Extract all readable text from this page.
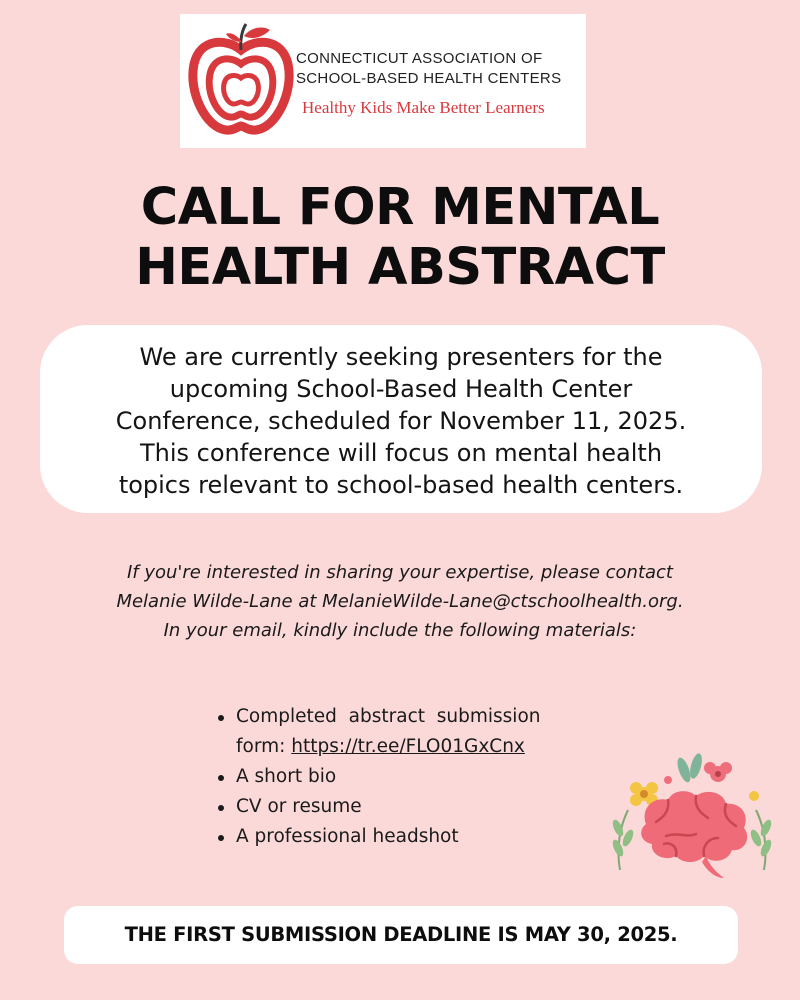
CONNECTICUT ASSOCIATION OF
SCHOOL-BASED HEALTH CENTERS
Healthy Kids Make Better Learners
CALL FOR MENTAL
HEALTH ABSTRACT
We are currently seeking presenters for the
upcoming School-Based Health Center
Conference, scheduled for November 11, 2025.
This conference will focus on mental health
topics relevant to school-based health centers.
If you're interested in sharing your expertise, please contact
Melanie Wilde-Lane at MelanieWilde-Lane@ctschoolhealth.org.
In your email, kindly include the following materials:
Completed  abstract  submission
form: https://tr.ee/FLO01GxCnx
A short bio
CV or resume
A professional headshot
THE FIRST SUBMISSION DEADLINE IS MAY 30, 2025.
